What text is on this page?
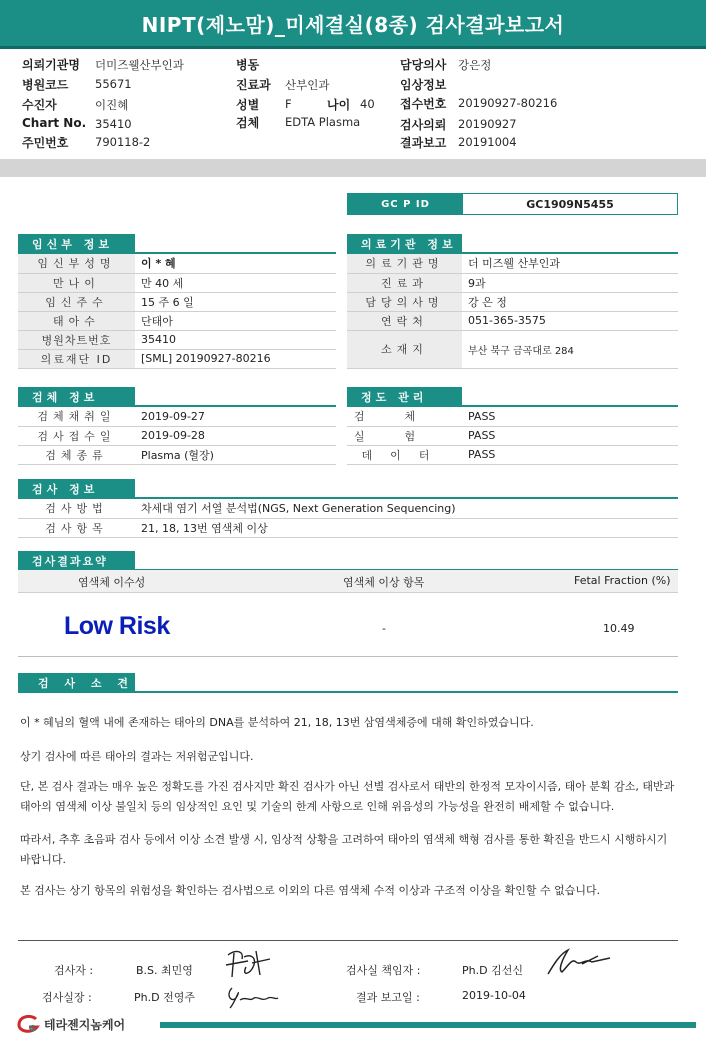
NIPT(제노맘)_미세결실(8종) 검사결과보고서
의뢰기관명 더미즈웰산부인과
병원코드 55671
수진자	이진혜
Chart No. 35410
주민번호 790118-2
병동
진료과 산부인과
성별 F	나이 40
검체 EDTA Plasma
담당의사 강은정
임상정보
접수번호 20190927-80216
검사의뢰 20190927
결과보고 20191004
GC P ID	GC1909N5455
임신부 정보
임신부성명	이 * 혜
만나이	만 40 세
임신주수	15 주 6 일
태아수	단태아
병원차트번호	35410
의료재단 ID	[SML] 20190927-80216
의료기관 정보
의료기관명	더 미즈웰 산부인과
진료과	9과
담당의사명	강 은 정
연락처	051-365-3575
소재지	부산 북구 금곡대로 284
검체 정보
검체채취일	2019-09-27
검사접수일	2019-09-28
검체종류	Plasma (혈장)
정도 관리
검체	PASS
실험	PASS
데이터	PASS
검사 정보
검사방법	차세대 염기 서열 분석법(NGS, Next Generation Sequencing)
검사항목	21, 18, 13번 염색체 이상
검사결과요약
염색체 이수성	염색체 이상 항목	Fetal Fraction (%)
Low Risk	-	10.49
검 사 소 견
이 * 혜님의 혈액 내에 존재하는 태아의 DNA를 분석하여 21, 18, 13번 삼염색체증에 대해 확인하였습니다.
상기 검사에 따른 태아의 결과는 저위험군입니다.
단, 본 검사 결과는 매우 높은 정확도를 가진 검사지만 확진 검사가 아닌 선별 검사로서 태반의 한정적 모자이시즘, 태아 분획 감소, 태반과 태아의 염색체 이상 불일치 등의 임상적인 요인 및 기술의 한계 사항으로 인해 위음성의 가능성을 완전히 배제할 수 없습니다.
따라서, 추후 초음파 검사 등에서 이상 소견 발생 시, 임상적 상황을 고려하여 태아의 염색체 핵형 검사를 통한 확진을 반드시 시행하시기 바랍니다.
본 검사는 상기 항목의 위험성을 확인하는 검사법으로 이외의 다른 염색체 수적 이상과 구조적 이상을 확인할 수 없습니다.
검사자 :	B.S. 최민영	검사실 책임자 :	Ph.D 김선신
검사실장 :	Ph.D 전영주	결과 보고일 :	2019-10-04
G 테라젠지놈케어
